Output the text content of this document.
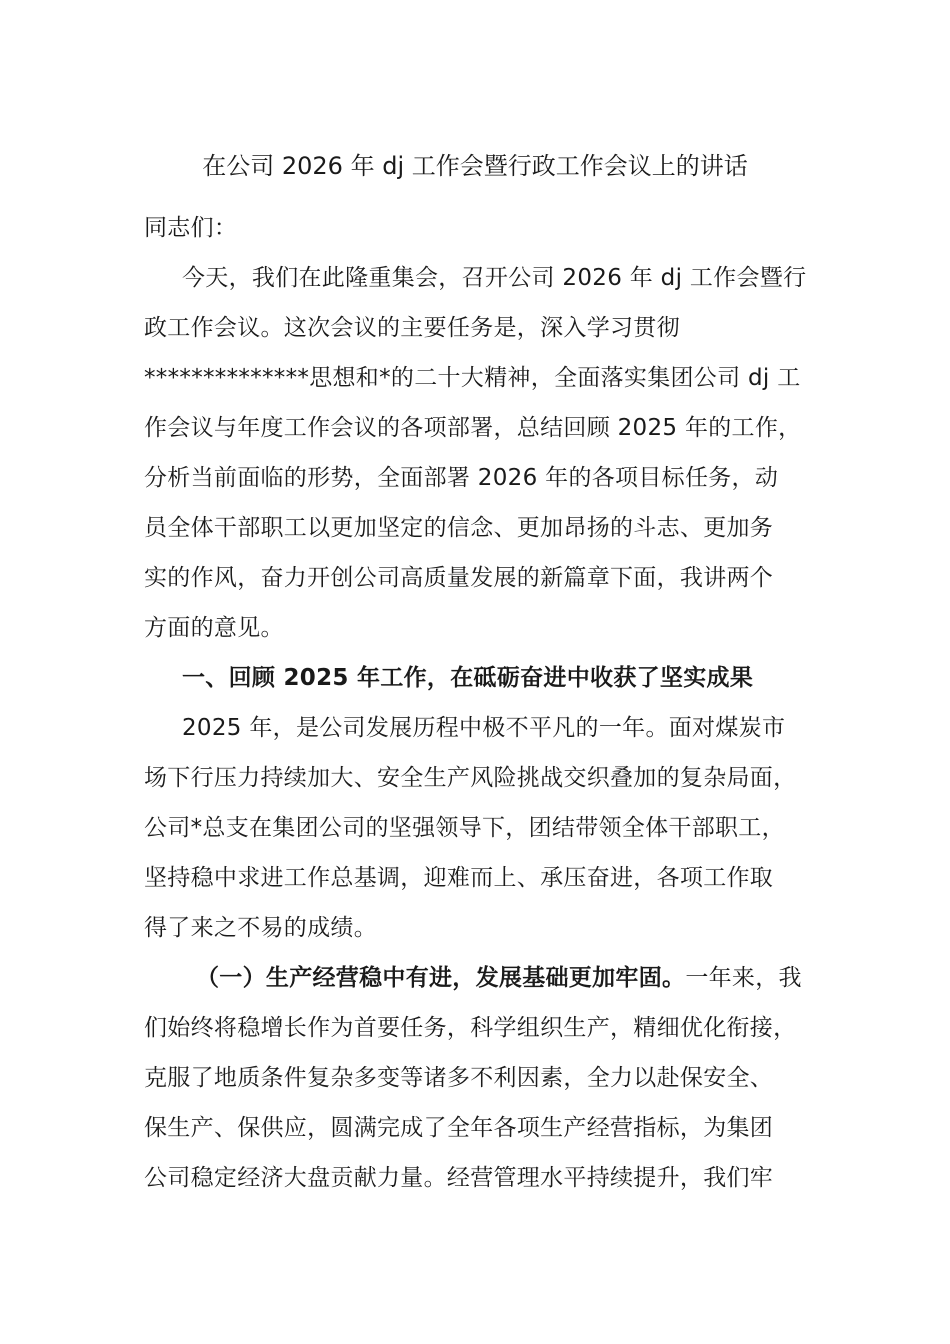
在公司 2026 年 dj 工作会暨行政工作会议上的讲话
同志们：
今天，我们在此隆重集会，召开公司 2026 年 dj 工作会暨行
政工作会议。这次会议的主要任务是，深入学习贯彻
**************思想和*的二十大精神，全面落实集团公司 dj 工
作会议与年度工作会议的各项部署，总结回顾 2025 年的工作，
分析当前面临的形势，全面部署 2026 年的各项目标任务，动
员全体干部职工以更加坚定的信念、更加昂扬的斗志、更加务
实的作风，奋力开创公司高质量发展的新篇章下面，我讲两个
方面的意见。
一、回顾 2025 年工作，在砥砺奋进中收获了坚实成果
2025 年，是公司发展历程中极不平凡的一年。面对煤炭市
场下行压力持续加大、安全生产风险挑战交织叠加的复杂局面，
公司*总支在集团公司的坚强领导下，团结带领全体干部职工，
坚持稳中求进工作总基调，迎难而上、承压奋进，各项工作取
得了来之不易的成绩。
（一）生产经营稳中有进，发展基础更加牢固。一年来，我
们始终将稳增长作为首要任务，科学组织生产，精细优化衔接，
克服了地质条件复杂多变等诸多不利因素，全力以赴保安全、
保生产、保供应，圆满完成了全年各项生产经营指标，为集团
公司稳定经济大盘贡献力量。经营管理水平持续提升，我们牢
